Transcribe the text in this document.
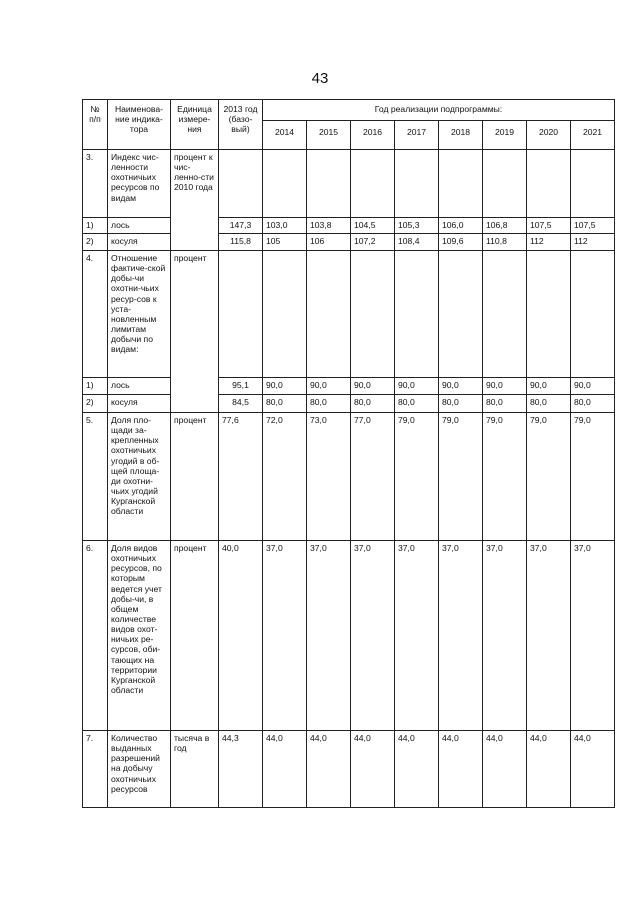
43
№ п/п	Наименова-ние индика-тора	Единица измере-ния	2013 год (базо-вый)	Год реализации подпрограммы:							
				2014	2015	2016	2017	2018	2019	2020	2021
3.	Индекс чис-ленности охотничьих ресурсов по видам	процент к чис-леннo-сти 2010 года									
1)	лось		147,3	103,0	103,8	104,5	105,3	106,0	106,8	107,5	107,5
2)	косуля		115,8	105	106	107,2	108,4	109,6	110,8	112	112
4.	Отношение фактиче-ской добы-чи охотни-чьих ресур-сов к уста-новленным лимитам добычи по видам:	процент									
1)	лось		95,1	90,0	90,0	90,0	90,0	90,0	90,0	90,0	90,0
2)	косуля		84,5	80,0	80,0	80,0	80,0	80,0	80,0	80,0	80,0
5.	Доля пло-щади за-крепленных охотничьих угодий в об-щей площа-ди охотни-чьих угодий Курганской области	процент	77,6	72,0	73,0	77,0	79,0	79,0	79,0	79,0	79,0
6.	Доля видов охотничьих ресурсов, по которым ведется учет добы-чи, в общем количестве видов охот-ничьих ре-сурсов, оби-тающих на территории Курганской области	процент	40,0	37,0	37,0	37,0	37,0	37,0	37,0	37,0	37,0
7.	Количество выданных разрешений на добычу охотничьих ресурсов	тысяча в год	44,3	44,0	44,0	44,0	44,0	44,0	44,0	44,0	44,0
